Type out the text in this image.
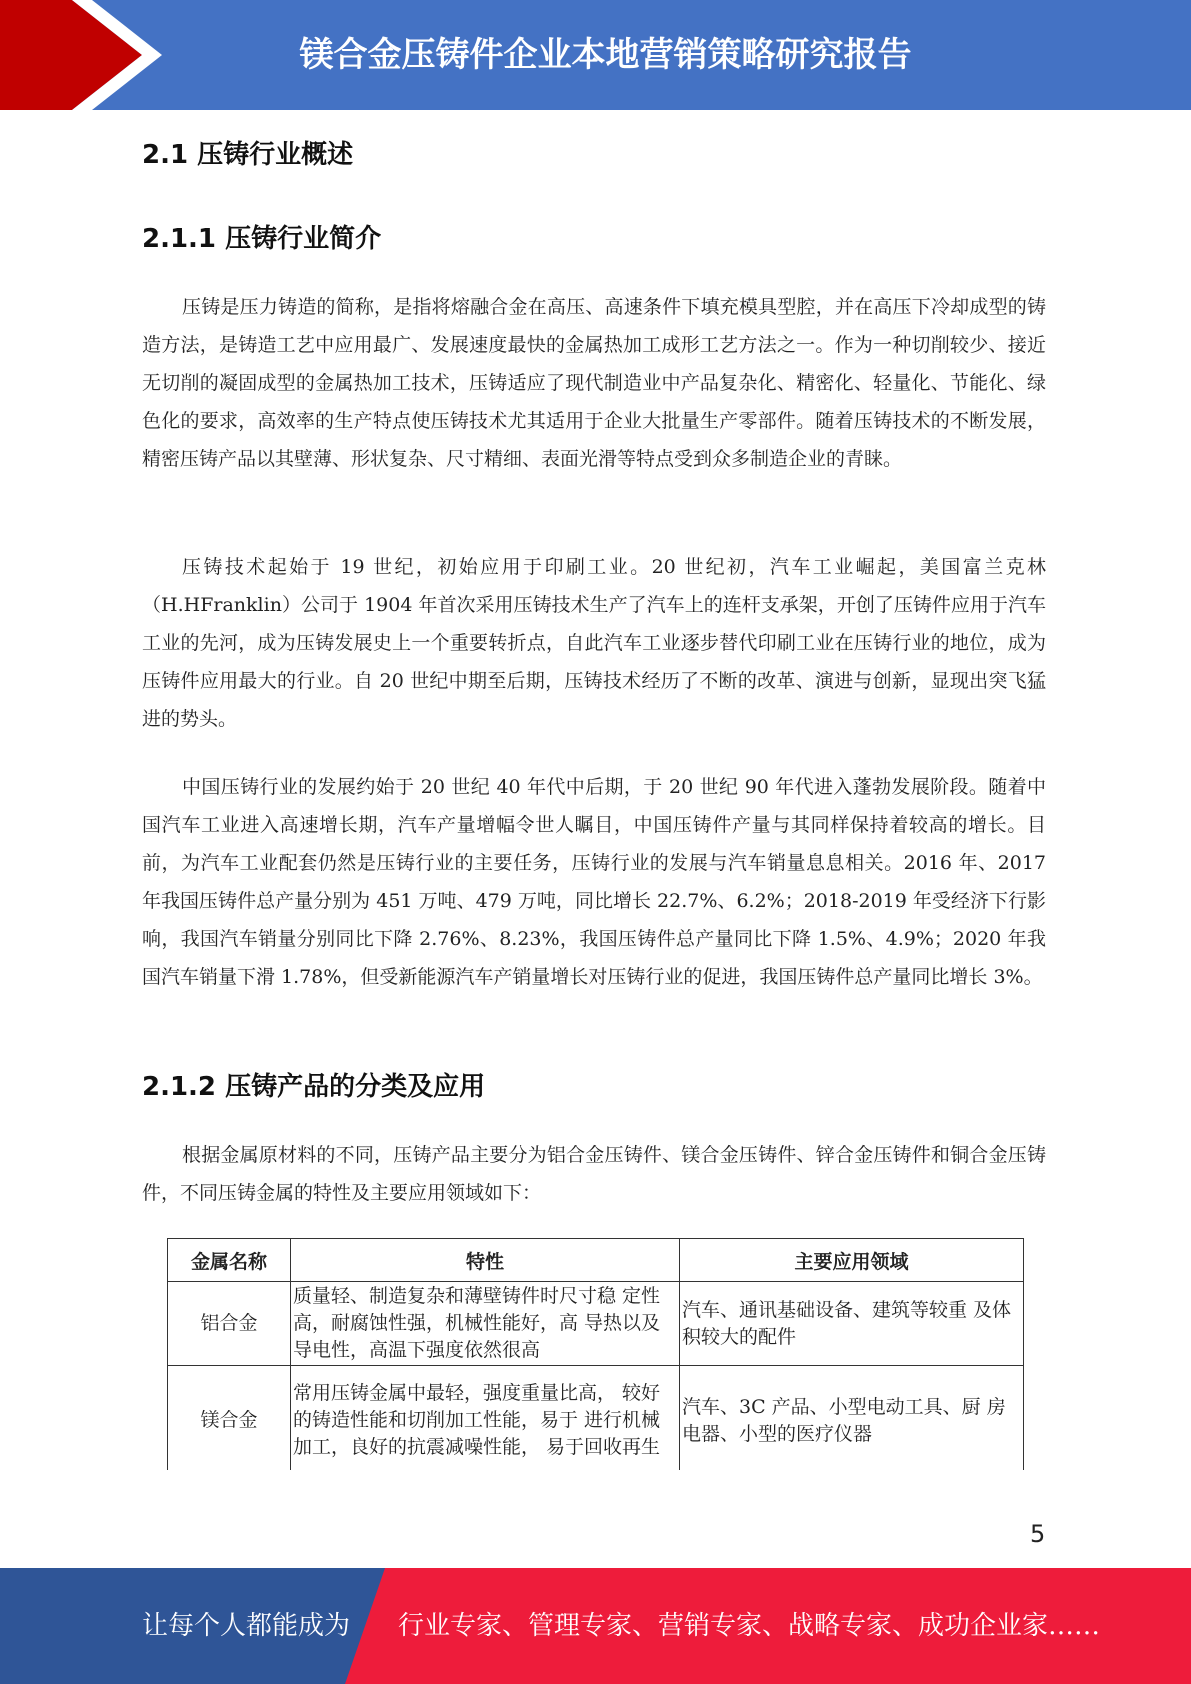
镁合金压铸件企业本地营销策略研究报告
2.1 压铸行业概述
2.1.1 压铸行业简介
压铸是压力铸造的简称，是指将熔融合金在高压、高速条件下填充模具型腔，并在高压下冷却成型的铸造方法，是铸造工艺中应用最广、发展速度最快的金属热加工成形工艺方法之一。作为一种切削较少、接近无切削的凝固成型的金属热加工技术，压铸适应了现代制造业中产品复杂化、精密化、轻量化、节能化、绿色化的要求，高效率的生产特点使压铸技术尤其适用于企业大批量生产零部件。随着压铸技术的不断发展，精密压铸产品以其壁薄、形状复杂、尺寸精细、表面光滑等特点受到众多制造企业的青睐。
压铸技术起始于 19 世纪，初始应用于印刷工业。20 世纪初，汽车工业崛起，美国富兰克林（H.HFranklin）公司于 1904 年首次采用压铸技术生产了汽车上的连杆支承架，开创了压铸件应用于汽车工业的先河，成为压铸发展史上一个重要转折点，自此汽车工业逐步替代印刷工业在压铸行业的地位，成为压铸件应用最大的行业。自 20 世纪中期至后期，压铸技术经历了不断的改革、演进与创新，显现出突飞猛进的势头。
中国压铸行业的发展约始于 20 世纪 40 年代中后期，于 20 世纪 90 年代进入蓬勃发展阶段。随着中国汽车工业进入高速增长期，汽车产量增幅令世人瞩目，中国压铸件产量与其同样保持着较高的增长。目前，为汽车工业配套仍然是压铸行业的主要任务，压铸行业的发展与汽车销量息息相关。2016 年、2017 年我国压铸件总产量分别为 451 万吨、479 万吨，同比增长 22.7%、6.2%；2018-2019 年受经济下行影响，我国汽车销量分别同比下降 2.76%、8.23%，我国压铸件总产量同比下降 1.5%、4.9%；2020 年我国汽车销量下滑 1.78%，但受新能源汽车产销量增长对压铸行业的促进，我国压铸件总产量同比增长 3%。
2.1.2 压铸产品的分类及应用
根据金属原材料的不同，压铸产品主要分为铝合金压铸件、镁合金压铸件、锌合金压铸件和铜合金压铸件，不同压铸金属的特性及主要应用领域如下：
金属名称	特性	主要应用领域
铝合金	质量轻、制造复杂和薄壁铸件时尺寸稳 定性高，耐腐蚀性强，机械性能好，高 导热以及导电性，高温下强度依然很高	汽车、通讯基础设备、建筑等较重 及体积较大的配件
镁合金	常用压铸金属中最轻，强度重量比高， 较好的铸造性能和切削加工性能，易于 进行机械加工，良好的抗震减噪性能， 易于回收再生	汽车、3C 产品、小型电动工具、厨 房电器、小型的医疗仪器
5
让每个人都能成为 行业专家、管理专家、营销专家、战略专家、成功企业家……
